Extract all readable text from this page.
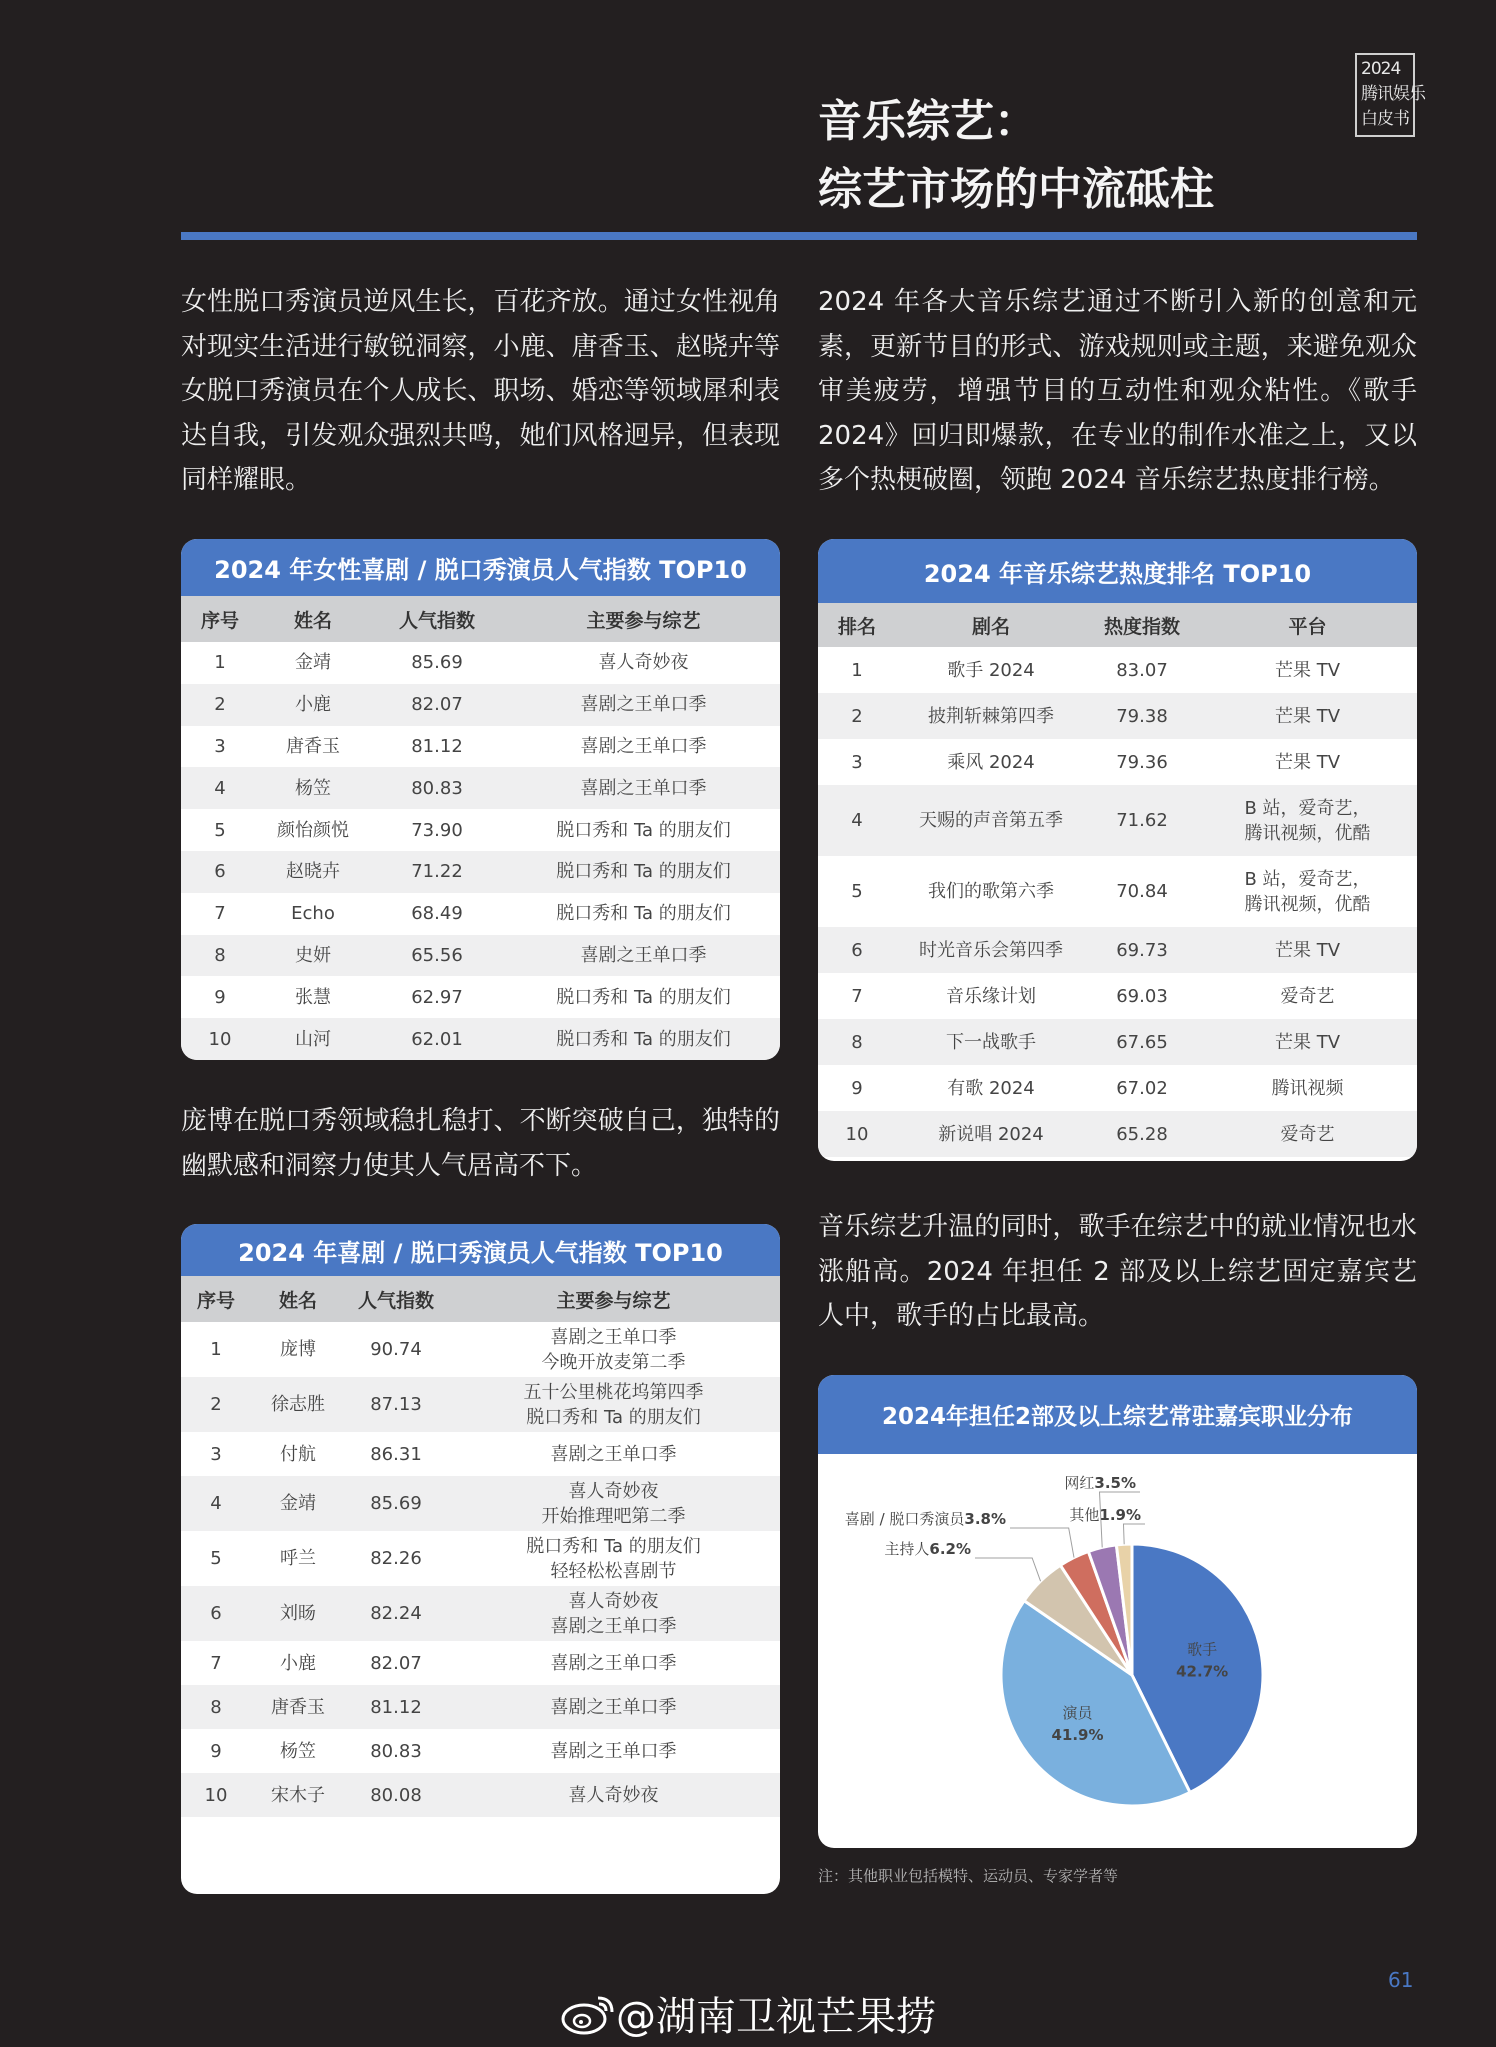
2024
腾讯娱乐
白皮书
音乐综艺：
综艺市场的中流砥柱
女性脱口秀演员逆风生长，百花齐放。通过女性视角对现实生活进行敏锐洞察，小鹿、唐香玉、赵晓卉等女脱口秀演员在个人成长、职场、婚恋等领域犀利表达自我，引发观众强烈共鸣，她们风格迥异，但表现同样耀眼。
2024 年各大音乐综艺通过不断引入新的创意和元素，更新节目的形式、游戏规则或主题，来避免观众审美疲劳，增强节目的互动性和观众粘性。《歌手 2024》回归即爆款，在专业的制作水准之上，又以多个热梗破圈，领跑 2024 音乐综艺热度排行榜。
2024 年女性喜剧 / 脱口秀演员人气指数 TOP10
序号	姓名	人气指数	主要参与综艺
1	金靖	85.69	喜人奇妙夜
2	小鹿	82.07	喜剧之王单口季
3	唐香玉	81.12	喜剧之王单口季
4	杨笠	80.83	喜剧之王单口季
5	颜怡颜悦	73.90	脱口秀和 Ta 的朋友们
6	赵晓卉	71.22	脱口秀和 Ta 的朋友们
7	Echo	68.49	脱口秀和 Ta 的朋友们
8	史妍	65.56	喜剧之王单口季
9	张慧	62.97	脱口秀和 Ta 的朋友们
10	山河	62.01	脱口秀和 Ta 的朋友们
庞博在脱口秀领域稳扎稳打、不断突破自己，独特的幽默感和洞察力使其人气居高不下。
2024 年喜剧 / 脱口秀演员人气指数 TOP10
序号	姓名	人气指数	主要参与综艺
1	庞博	90.74	喜剧之王单口季
今晚开放麦第二季

2	徐志胜	87.13	五十公里桃花坞第四季
脱口秀和 Ta 的朋友们

3	付航	86.31	喜剧之王单口季

4	金靖	85.69	喜人奇妙夜
开始推理吧第二季

5	呼兰	82.26	脱口秀和 Ta 的朋友们
轻轻松松喜剧节

6	刘旸	82.24	喜人奇妙夜
喜剧之王单口季

7	小鹿	82.07	喜剧之王单口季

8	唐香玉	81.12	喜剧之王单口季

9	杨笠	80.83	喜剧之王单口季

10	宋木子	80.08	喜人奇妙夜
2024 年音乐综艺热度排名 TOP10
排名	剧名	热度指数	平台
1	歌手 2024	83.07	芒果 TV

2	披荆斩棘第四季	79.38	芒果 TV

3	乘风 2024	79.36	芒果 TV

4	天赐的声音第五季	71.62	B 站，爱奇艺，
腾讯视频，优酷

5	我们的歌第六季	70.84	B 站，爱奇艺，
腾讯视频，优酷

6	时光音乐会第四季	69.73	芒果 TV

7	音乐缘计划	69.03	爱奇艺

8	下一战歌手	67.65	芒果 TV

9	有歌 2024	67.02	腾讯视频

10	新说唱 2024	65.28	爱奇艺
音乐综艺升温的同时，歌手在综艺中的就业情况也水涨船高。2024 年担任 2 部及以上综艺固定嘉宾艺人中，歌手的占比最高。
2024年担任2部及以上综艺常驻嘉宾职业分布
歌手
42.7%
演员
41.9%
主持人6.2%
喜剧 / 脱口秀演员3.8%
网红3.5%
其他1.9%
注：其他职业包括模特、运动员、专家学者等
61
@湖南卫视芒果捞
